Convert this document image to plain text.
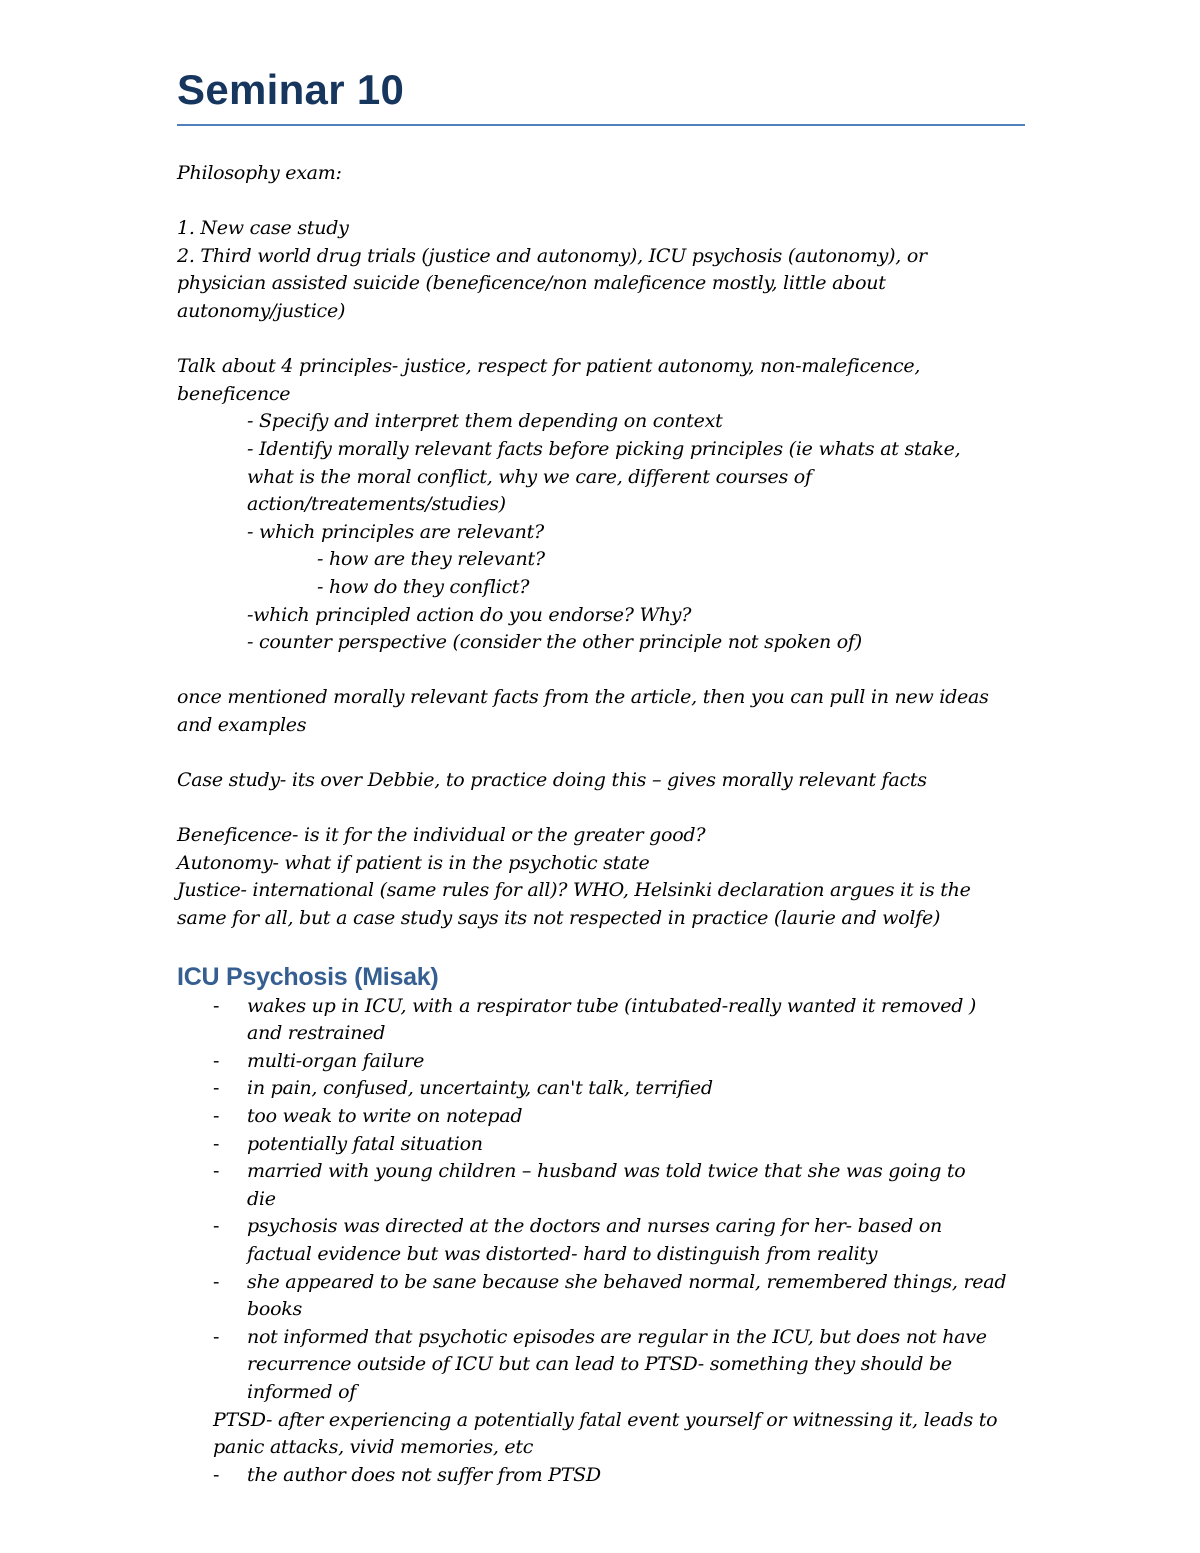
Seminar 10

Philosophy exam:

1. New case study

2. Third world drug trials (justice and autonomy), ICU psychosis (autonomy), or

physician assisted suicide (beneficence/non maleficence mostly, little about

autonomy/justice)

Talk about 4 principles- justice, respect for patient autonomy, non-maleficence,

beneficence

- Specify and interpret them depending on context

- Identify morally relevant facts before picking principles (ie whats at stake,

what is the moral conflict, why we care, different courses of

action/treatements/studies)

- which principles are relevant?

- how are they relevant?

- how do they conflict?

-which principled action do you endorse? Why?

- counter perspective (consider the other principle not spoken of)

once mentioned morally relevant facts from the article, then you can pull in new ideas

and examples

Case study- its over Debbie, to practice doing this – gives morally relevant facts

Beneficence- is it for the individual or the greater good?

Autonomy- what if patient is in the psychotic state

Justice- international (same rules for all)? WHO, Helsinki declaration argues it is the

same for all, but a case study says its not respected in practice (laurie and wolfe)

ICU Psychosis (Misak)
- wakes up in ICU, with a respirator tube (intubated-really wanted it removed )
and restrained
- multi-organ failure
- in pain, confused, uncertainty, can't talk, terrified
- too weak to write on notepad
- potentially fatal situation
- married with young children – husband was told twice that she was going to
die
- psychosis was directed at the doctors and nurses caring for her- based on
factual evidence but was distorted- hard to distinguish from reality
- she appeared to be sane because she behaved normal, remembered things, read
books
- not informed that psychotic episodes are regular in the ICU, but does not have
recurrence outside of ICU but can lead to PTSD- something they should be
informed of

PTSD- after experiencing a potentially fatal event yourself or witnessing it, leads to

panic attacks, vivid memories, etc

- the author does not suffer from PTSD
